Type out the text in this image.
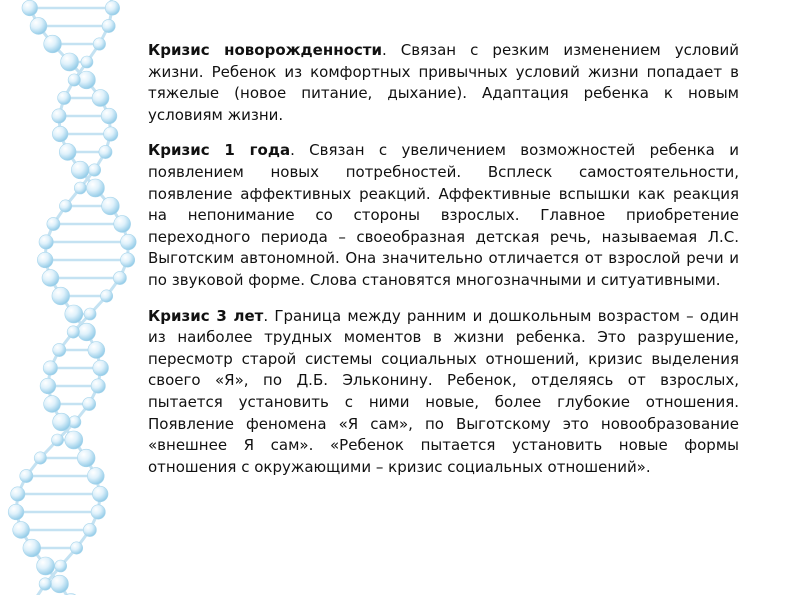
Кризис новорожденности. Связан с резким изменением условий жизни. Ребенок из комфортных привычных условий жизни попадает в тяжелые (новое питание, дыхание). Адаптация ребенка к новым условиям жизни.

Кризис 1 года. Связан с увеличением возможностей ребенка и появлением новых потребностей. Всплеск самостоятельности, появление аффективных реакций. Аффективные вспышки как реакция на непонимание со стороны взрослых. Главное приобретение переходного периода – своеобразная детская речь, называемая Л.С. Выготским автономной. Она значительно отличается от взрослой речи и по звуковой форме. Слова становятся многозначными и ситуативными.

Кризис 3 лет. Граница между ранним и дошкольным возрастом – один из наиболее трудных моментов в жизни ребенка. Это разрушение, пересмотр старой системы социальных отношений, кризис выделения своего «Я», по Д.Б. Эльконину. Ребенок, отделяясь от взрослых, пытается установить с ними новые, более глубокие отношения. Появление феномена «Я сам», по Выготскому это новообразование «внешнее Я сам». «Ребенок пытается установить новые формы отношения с окружающими – кризис социальных отношений».
